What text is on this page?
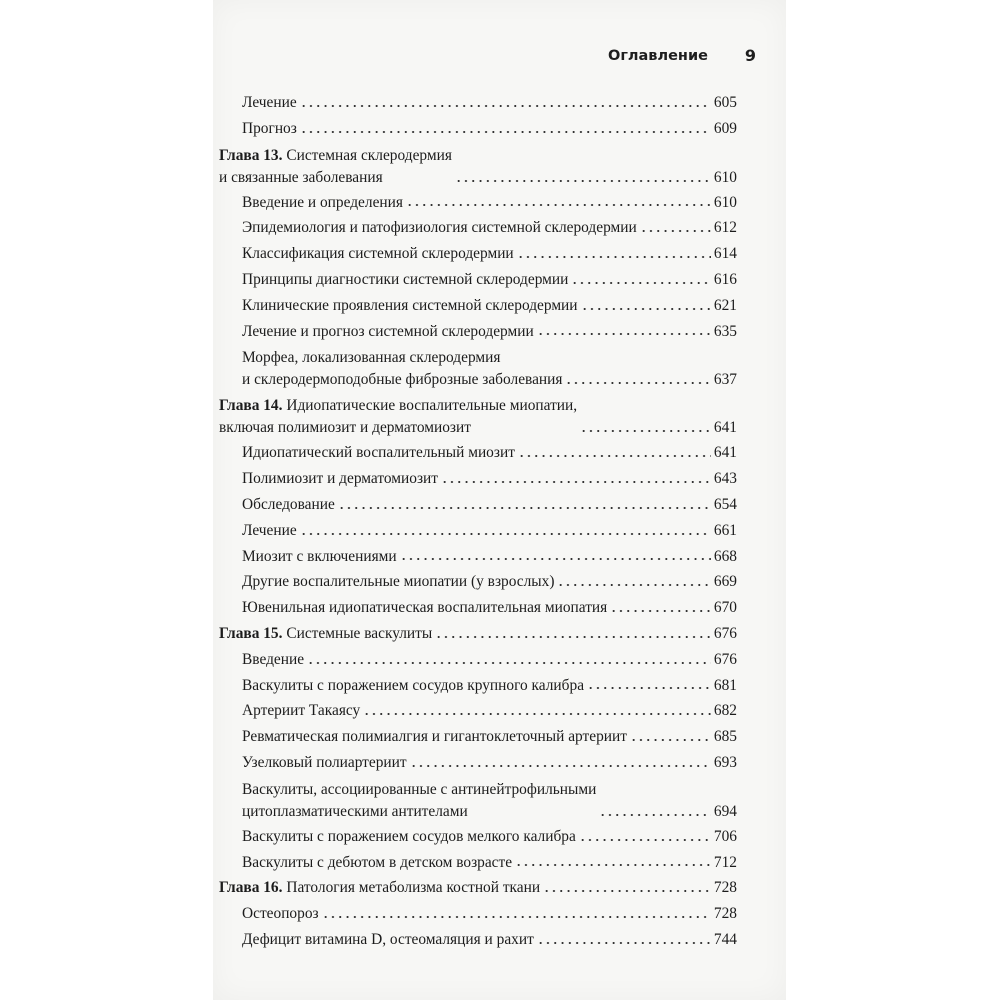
Оглавление 9
Лечение	605
Прогноз	609
Глава 13. Системная склеродермия
и связанные заболевания	610
Введение и определения	610
Эпидемиология и патофизиология системной склеродермии	612
Классификация системной склеродермии	614
Принципы диагностики системной склеродермии	616
Клинические проявления системной склеродермии	621
Лечение и прогноз системной склеродермии	635
Морфеа, локализованная склеродермия
и склеродермоподобные фиброзные заболевания	637
Глава 14. Идиопатические воспалительные миопатии,
включая полимиозит и дерматомиозит	641
Идиопатический воспалительный миозит	641
Полимиозит и дерматомиозит	643
Обследование	654
Лечение	661
Миозит с включениями	668
Другие воспалительные миопатии (у взрослых)	669
Ювенильная идиопатическая воспалительная миопатия	670
Глава 15. Системные васкулиты	676
Введение	676
Васкулиты с поражением сосудов крупного калибра	681
Артериит Такаясу	682
Ревматическая полимиалгия и гигантоклеточный артериит	685
Узелковый полиартериит	693
Васкулиты, ассоциированные с антинейтрофильными
цитоплазматическими антителами	694
Васкулиты с поражением сосудов мелкого калибра	706
Васкулиты с дебютом в детском возрасте	712
Глава 16. Патология метаболизма костной ткани	728
Остеопороз	728
Дефицит витамина D, остеомаляция и рахит	744
